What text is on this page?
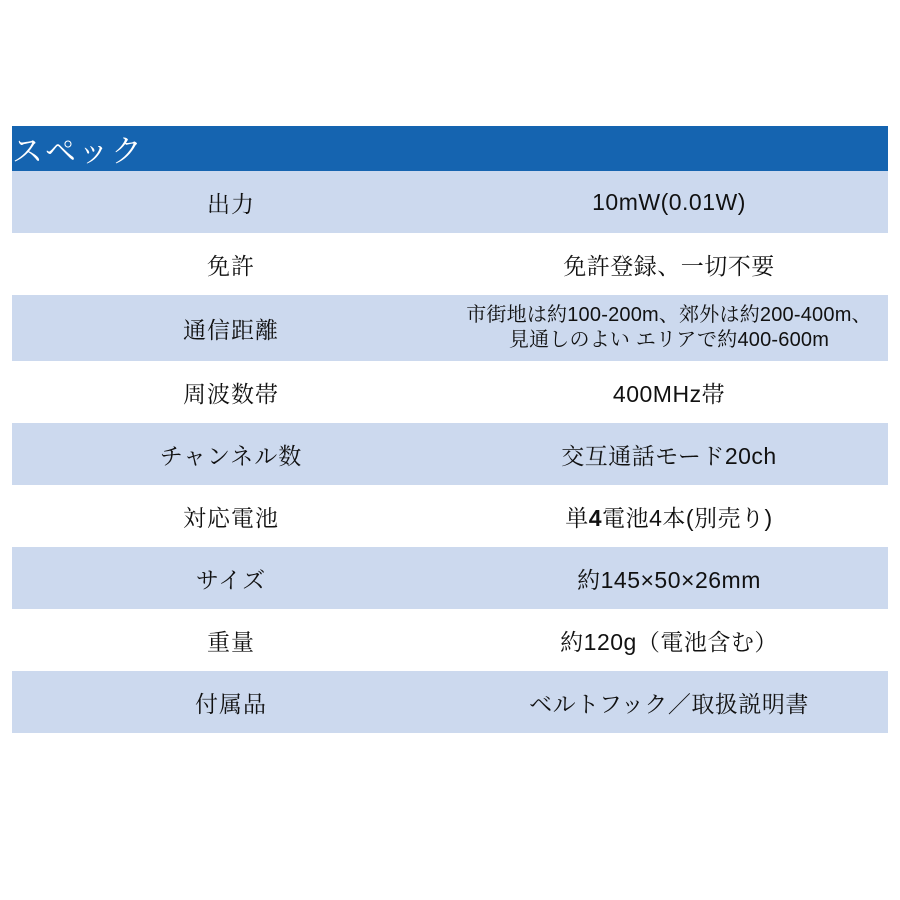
スペック	
出力	10mW(0.01W)
免許	免許登録、一切不要
通信距離	市街地は約100-200m、郊外は約200-400m、
見通しのよい エリアで約400-600m

周波数帯	400MHz帯
チャンネル数	交互通話モード20ch
対応電池	単4電池4本(別売り)
サイズ	約145×50×26mm
重量	約120g（電池含む）
付属品	ベルトフック／取扱説明書
